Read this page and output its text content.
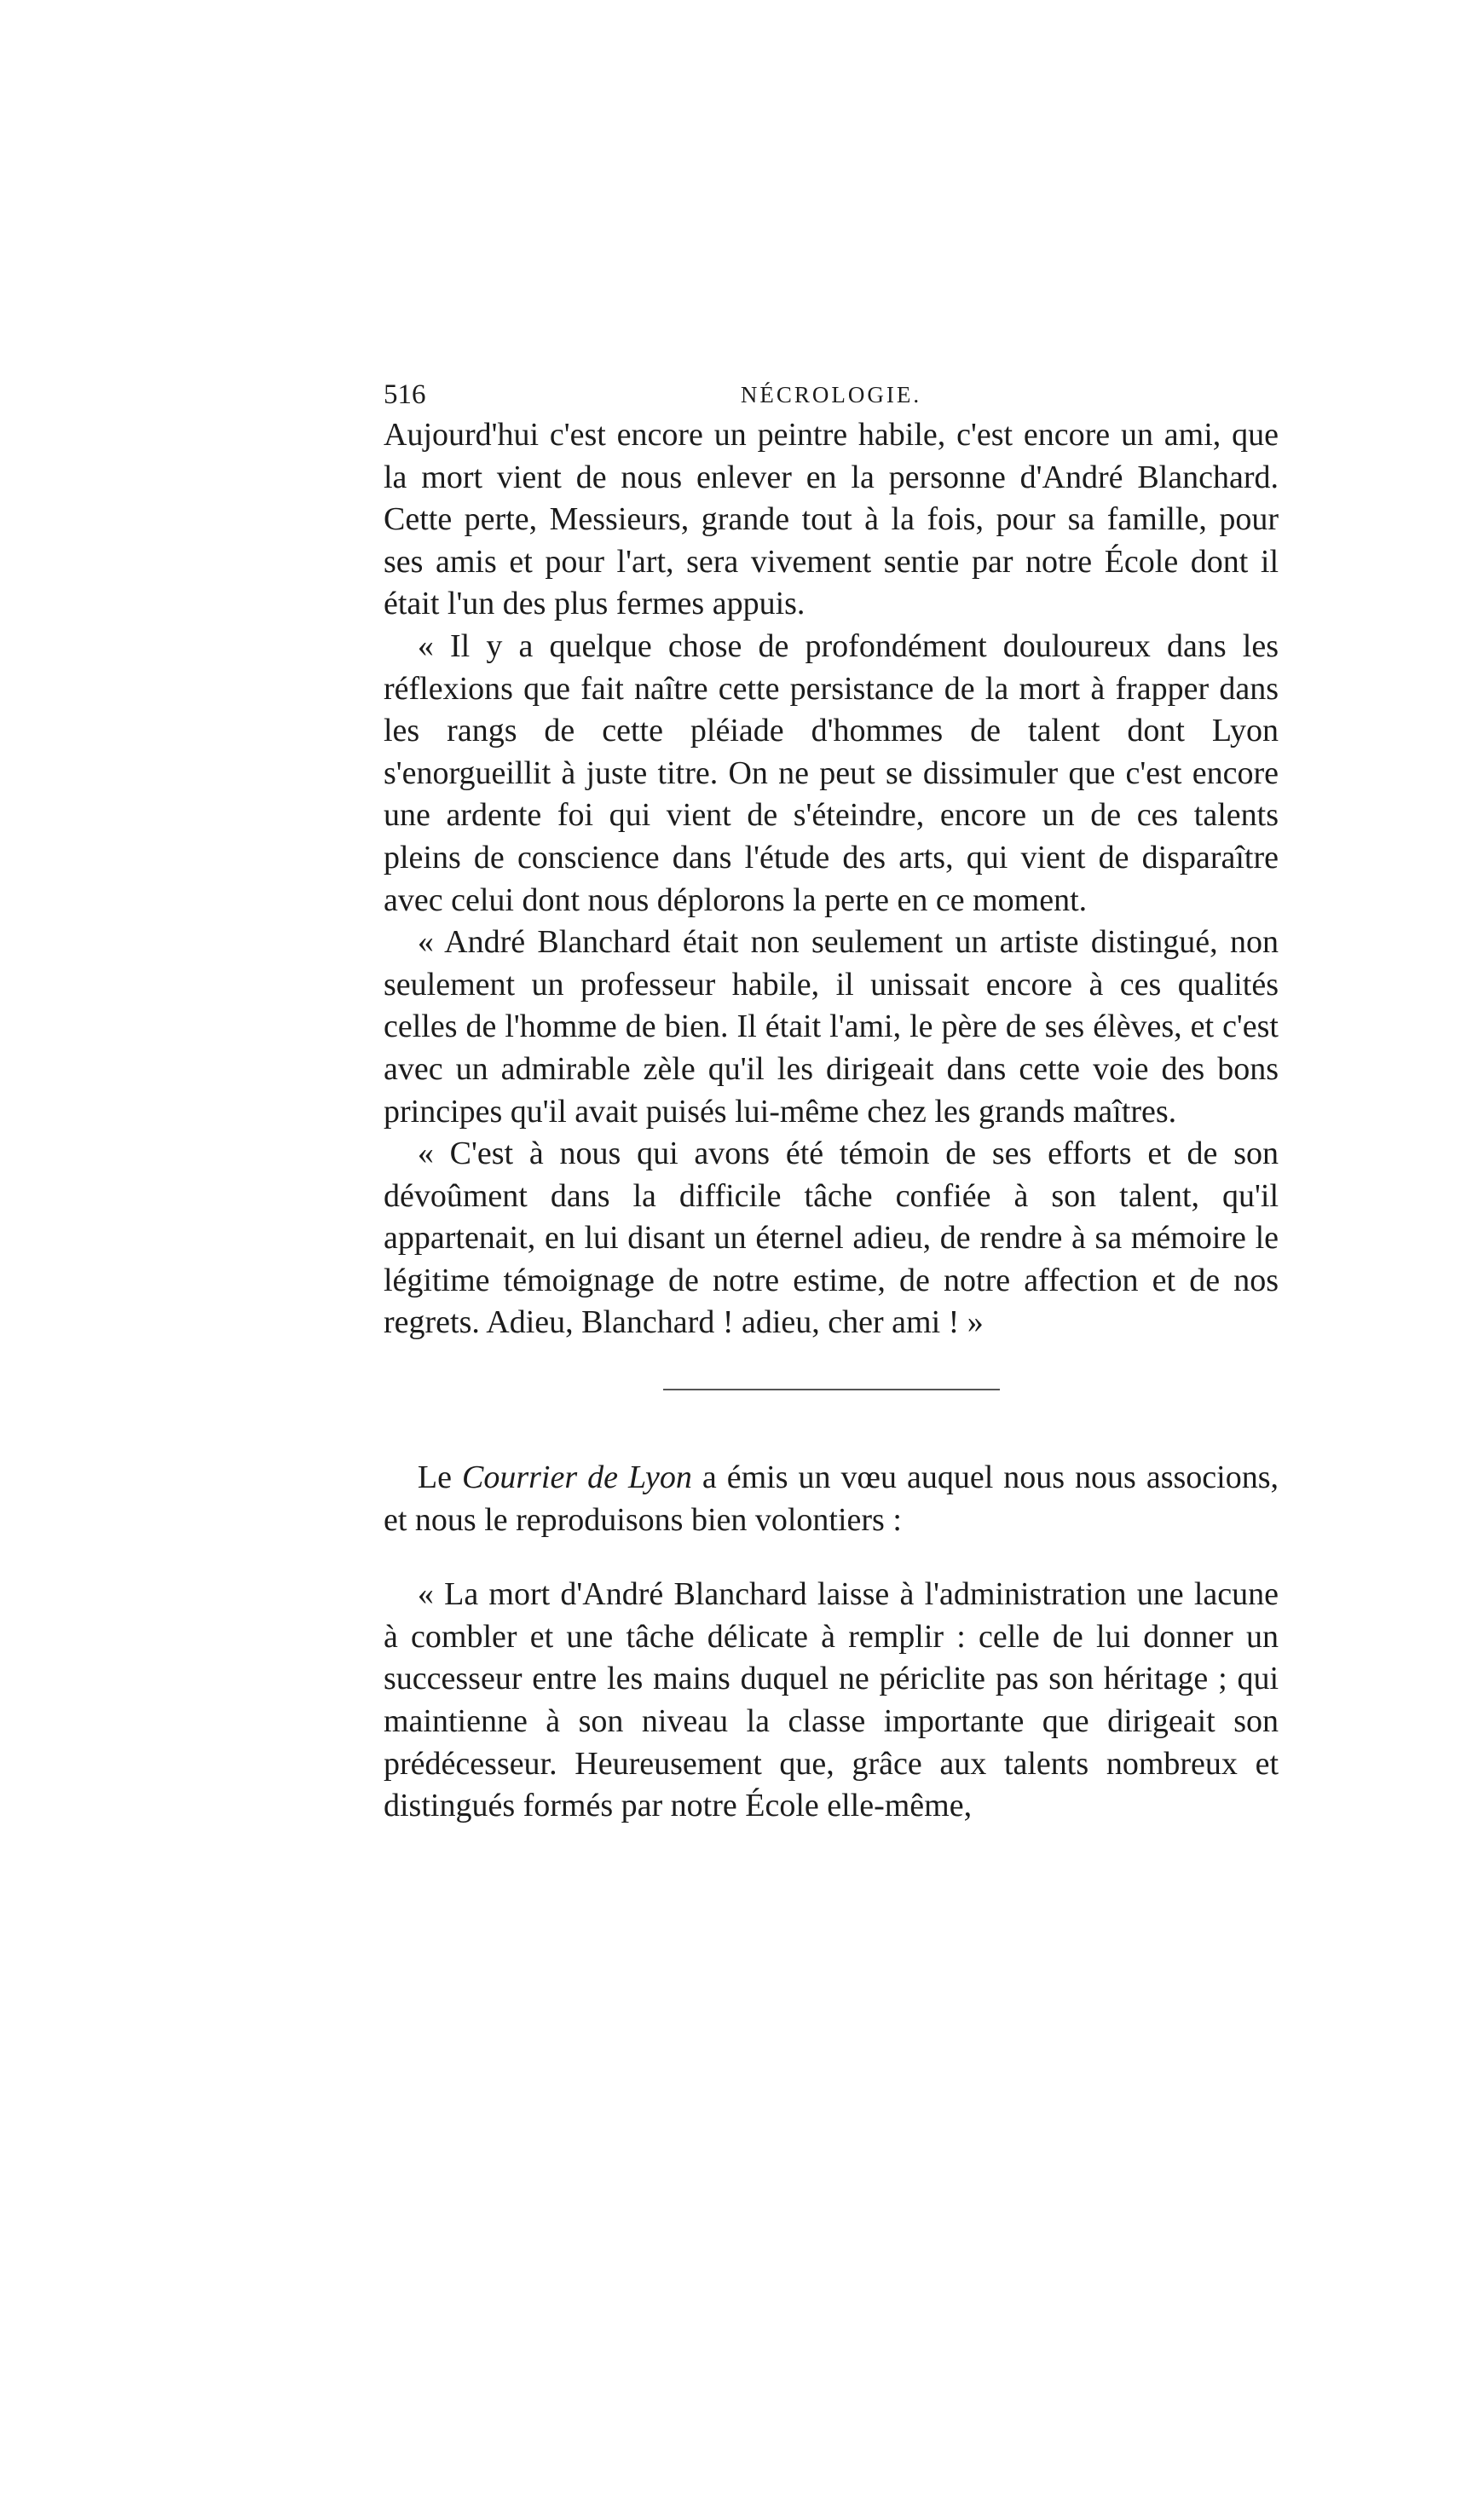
516	NÉCROLOGIE.

Aujourd'hui c'est encore un peintre habile, c'est encore un ami, que la mort vient de nous enlever en la personne d'André Blanchard. Cette perte, Messieurs, grande tout à la fois, pour sa famille, pour ses amis et pour l'art, sera vivement sentie par notre École dont il était l'un des plus fermes appuis.

« Il y a quelque chose de profondément douloureux dans les réflexions que fait naître cette persistance de la mort à frapper dans les rangs de cette pléiade d'hommes de talent dont Lyon s'enorgueillit à juste titre. On ne peut se dissimuler que c'est encore une ardente foi qui vient de s'éteindre, encore un de ces talents pleins de conscience dans l'étude des arts, qui vient de disparaître avec celui dont nous déplorons la perte en ce moment.

« André Blanchard était non seulement un artiste distingué, non seulement un professeur habile, il unissait encore à ces qualités celles de l'homme de bien. Il était l'ami, le père de ses élèves, et c'est avec un admirable zèle qu'il les dirigeait dans cette voie des bons principes qu'il avait puisés lui-même chez les grands maîtres.

« C'est à nous qui avons été témoin de ses efforts et de son dévoûment dans la difficile tâche confiée à son talent, qu'il appartenait, en lui disant un éternel adieu, de rendre à sa mémoire le légitime témoignage de notre estime, de notre affection et de nos regrets. Adieu, Blanchard ! adieu, cher ami ! »

Le Courrier de Lyon a émis un vœu auquel nous nous associons, et nous le reproduisons bien volontiers :

« La mort d'André Blanchard laisse à l'administration une lacune à combler et une tâche délicate à remplir : celle de lui donner un successeur entre les mains duquel ne périclite pas son héritage ; qui maintienne à son niveau la classe importante que dirigeait son prédécesseur. Heureusement que, grâce aux talents nombreux et distingués formés par notre École elle-même,
